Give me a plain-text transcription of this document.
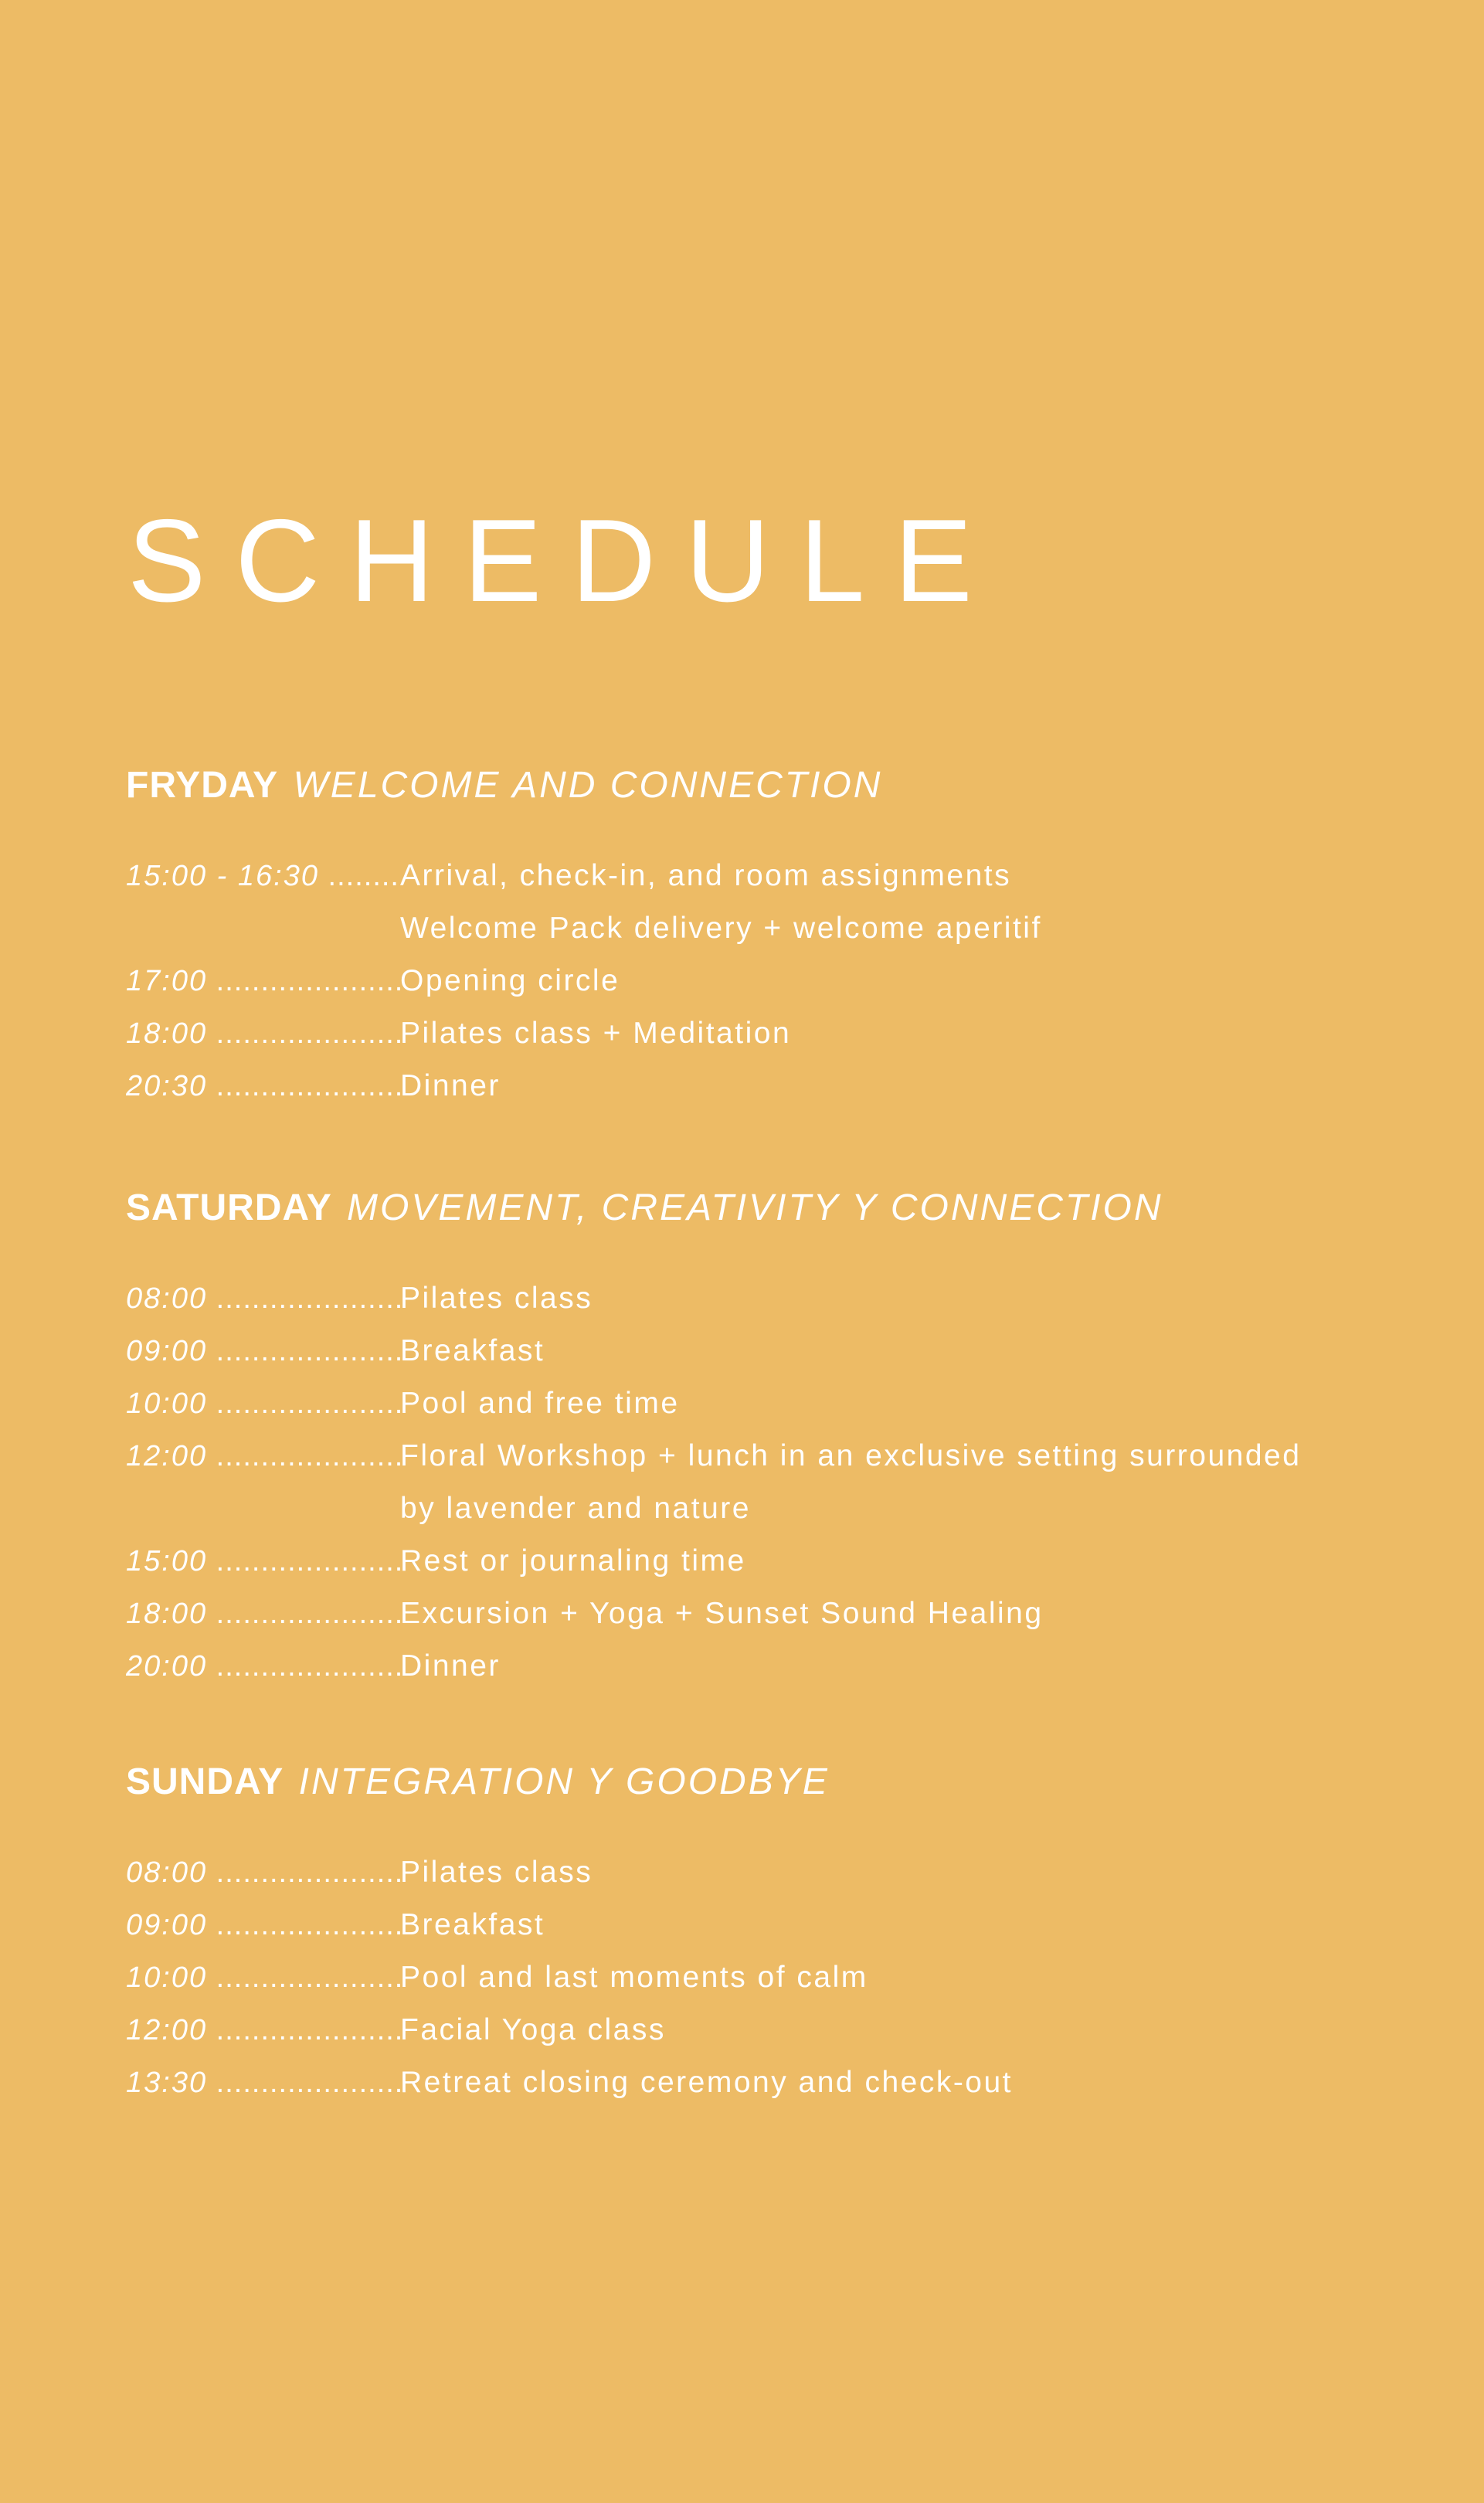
SCHEDULE
FRYDAY WELCOME AND CONNECTION
15:00 - 16:30 .....	Arrival, check-in, and room assignments
Welcome Pack delivery + welcome aperitif
17:00 .....	Opening circle
18:00 .....	Pilates class + Meditation
20:30 .....	Dinner
SATURDAY MOVEMENT, CREATIVITY Y CONNECTION
08:00 .....	Pilates class
09:00 .....	Breakfast
10:00 .....	Pool and free time
12:00 .....	Floral Workshop + lunch in an exclusive setting surrounded
by lavender and nature
15:00 .....	Rest or journaling time
18:00 .....	Excursion + Yoga + Sunset Sound Healing
20:00 .....	Dinner
SUNDAY INTEGRATION Y GOODBYE
08:00 .....	Pilates class
09:00 .....	Breakfast
10:00 .....	Pool and last moments of calm
12:00 .....	Facial Yoga class
13:30 .....	Retreat closing ceremony and check-out
